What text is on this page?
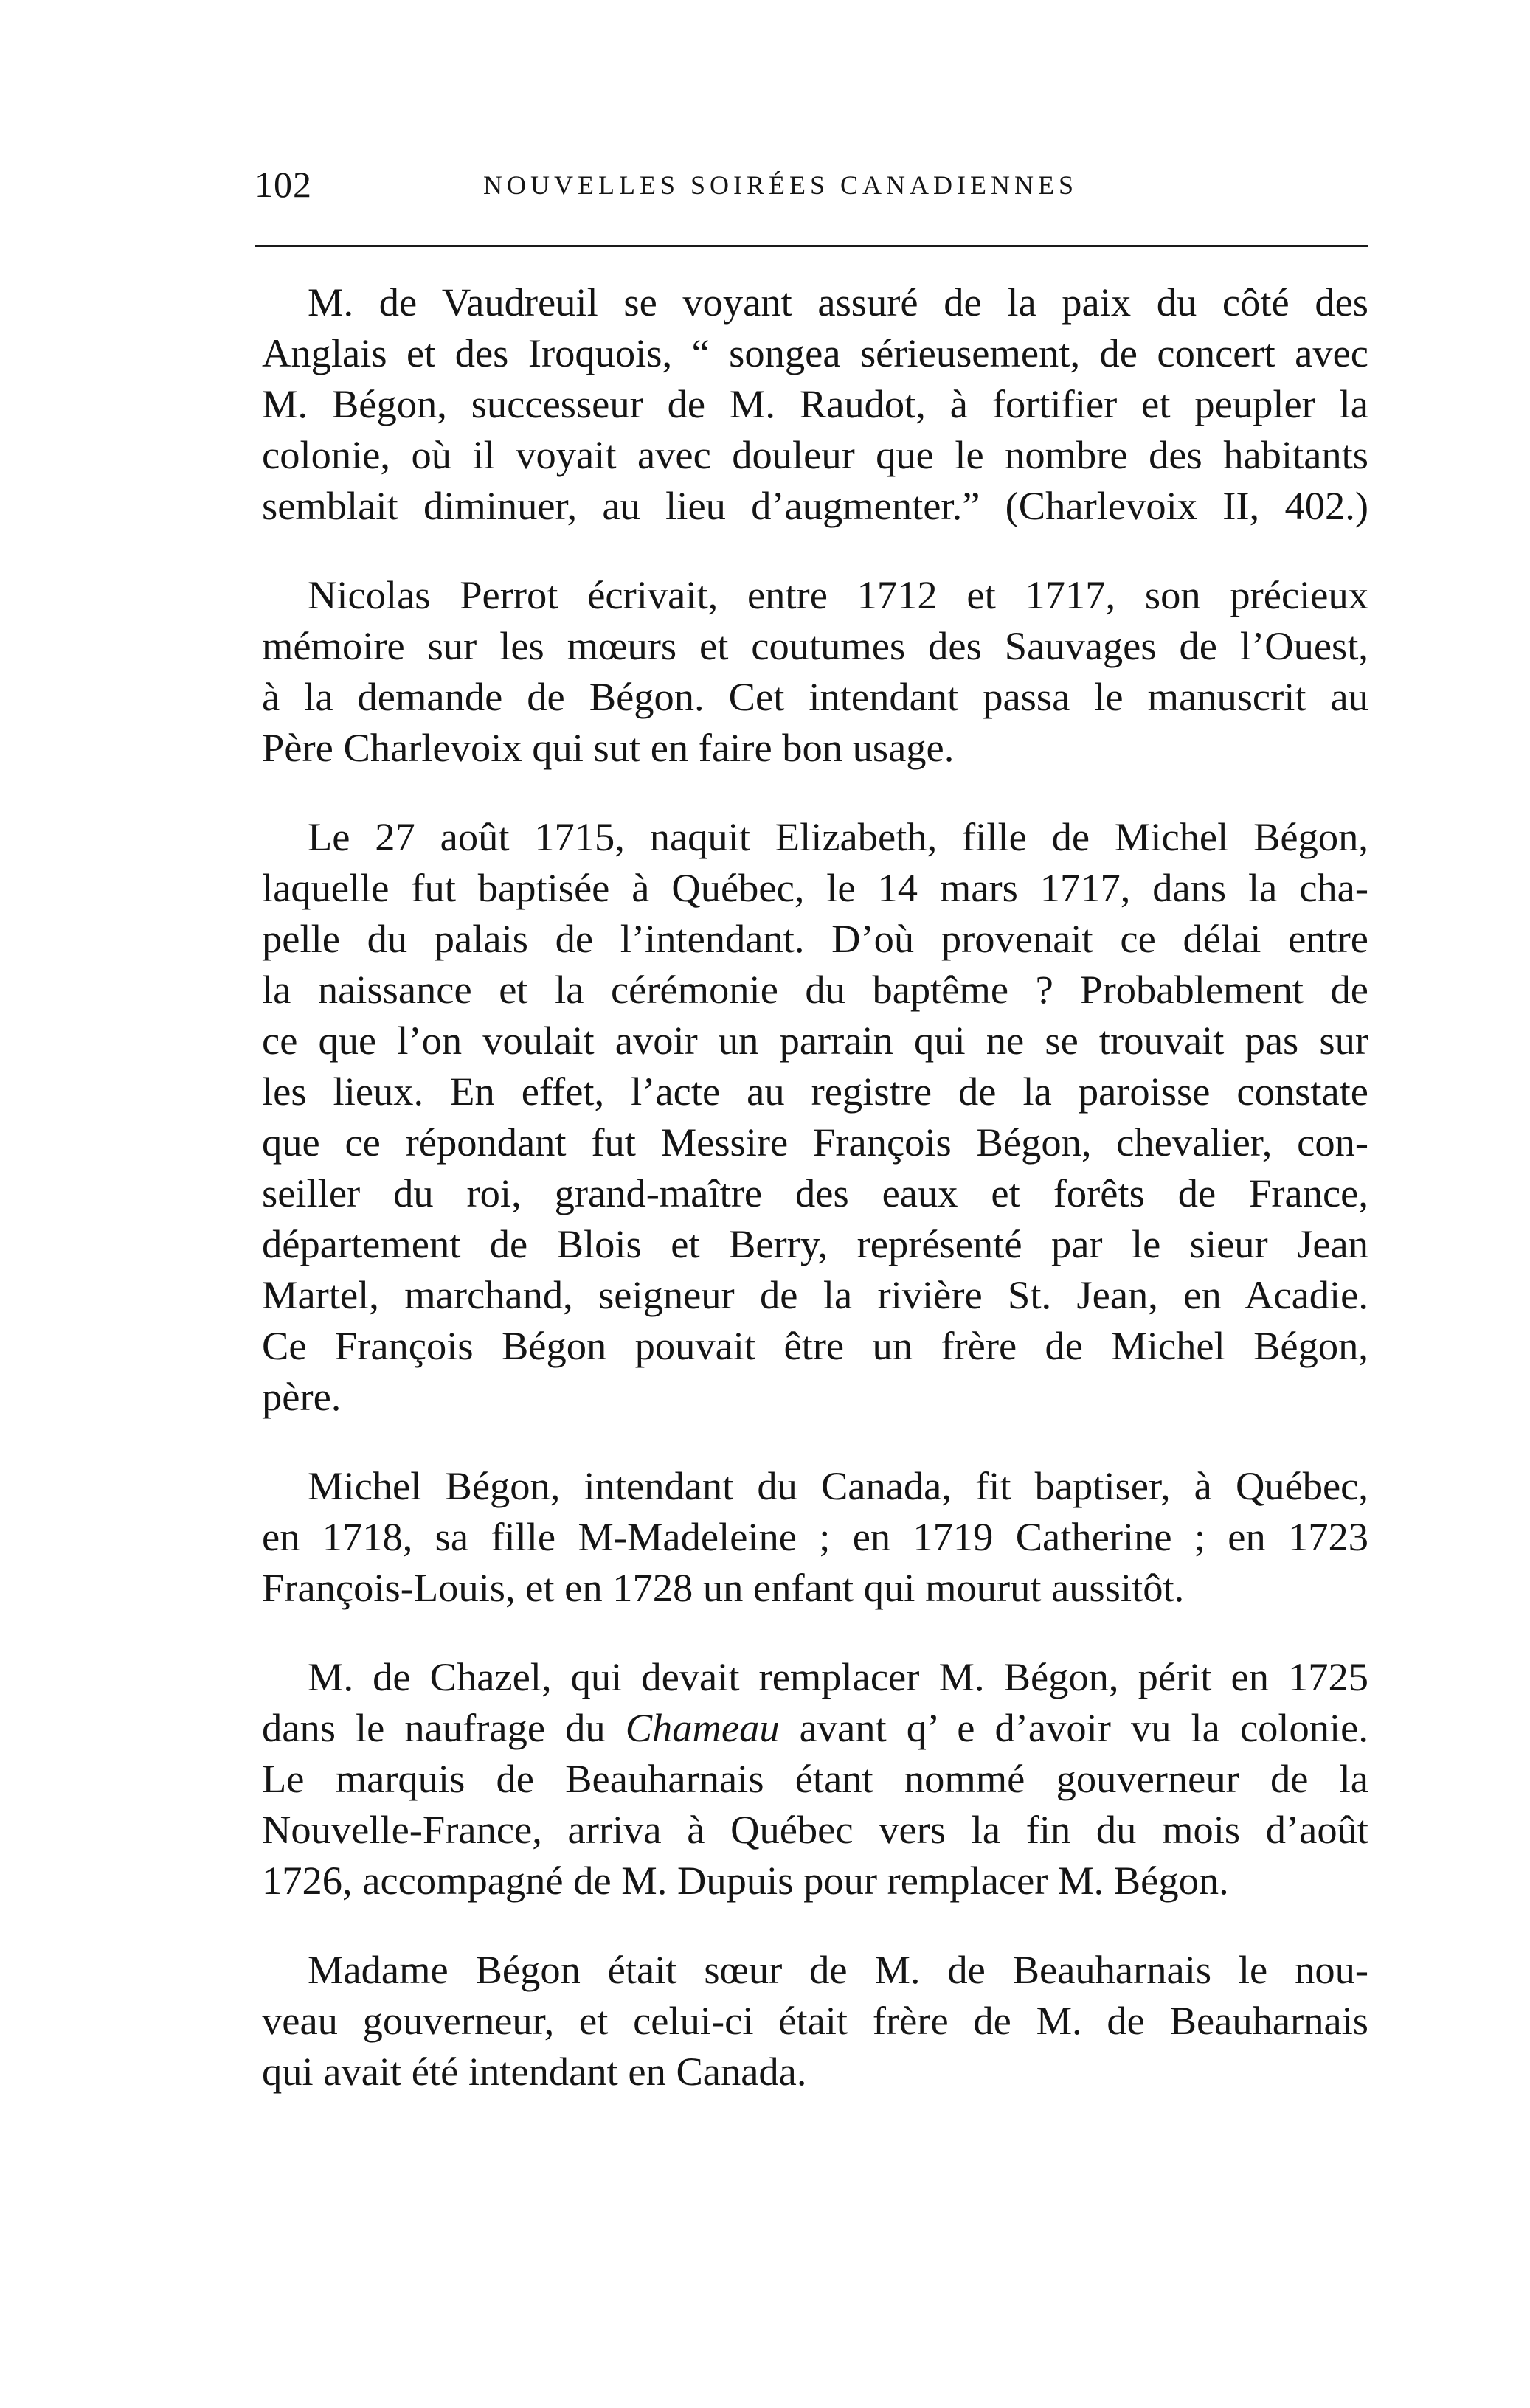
102	NOUVELLES SOIRÉES CANADIENNES

M. de Vaudreuil se voyant assuré de la paix du côté des
Anglais et des Iroquois, “ songea sérieusement, de concert avec
M. Bégon, successeur de M. Raudot, à fortifier et peupler la
colonie, où il voyait avec douleur que le nombre des habitants
semblait diminuer, au lieu d’augmenter.” (Charlevoix II, 402.)

Nicolas Perrot écrivait, entre 1712 et 1717, son précieux
mémoire sur les mœurs et coutumes des Sauvages de l’Ouest,
à la demande de Bégon. Cet intendant passa le manuscrit au
Père Charlevoix qui sut en faire bon usage.

Le 27 août 1715, naquit Elizabeth, fille de Michel Bégon,
laquelle fut baptisée à Québec, le 14 mars 1717, dans la cha-
pelle du palais de l’intendant. D’où provenait ce délai entre
la naissance et la cérémonie du baptême ? Probablement de
ce que l’on voulait avoir un parrain qui ne se trouvait pas sur
les lieux. En effet, l’acte au registre de la paroisse constate
que ce répondant fut Messire François Bégon, chevalier, con-
seiller du roi, grand-maître des eaux et forêts de France,
département de Blois et Berry, représenté par le sieur Jean
Martel, marchand, seigneur de la rivière St. Jean, en Acadie.
Ce François Bégon pouvait être un frère de Michel Bégon,
père.

Michel Bégon, intendant du Canada, fit baptiser, à Québec,
en 1718, sa fille M-Madeleine ; en 1719 Catherine ; en 1723
François-Louis, et en 1728 un enfant qui mourut aussitôt.

M. de Chazel, qui devait remplacer M. Bégon, périt en 1725
dans le naufrage du Chameau avant q’ e d’avoir vu la colonie.
Le marquis de Beauharnais étant nommé gouverneur de la
Nouvelle-France, arriva à Québec vers la fin du mois d’août
1726, accompagné de M. Dupuis pour remplacer M. Bégon.

Madame Bégon était sœur de M. de Beauharnais le nou-
veau gouverneur, et celui-ci était frère de M. de Beauharnais
qui avait été intendant en Canada.
